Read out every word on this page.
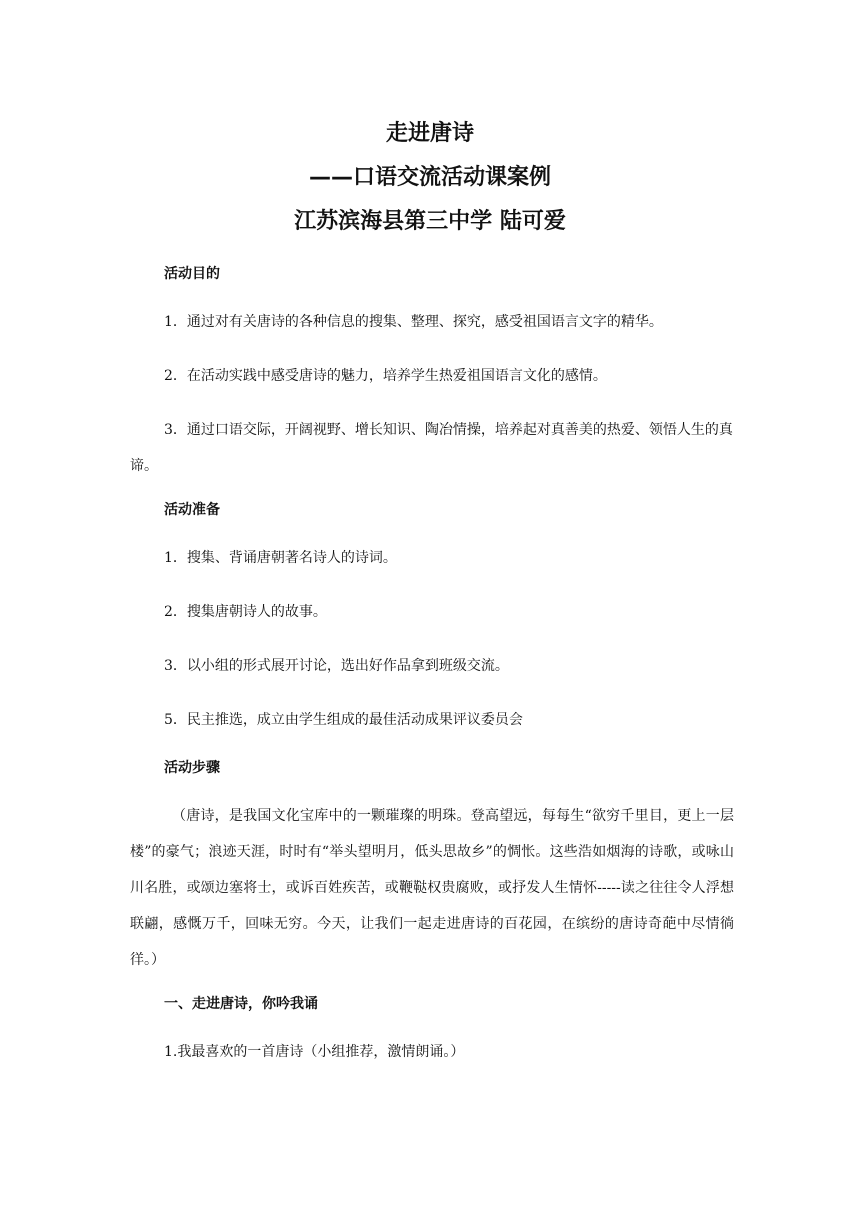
走进唐诗
——口语交流活动课案例
江苏滨海县第三中学 陆可爱

活动目的

1．通过对有关唐诗的各种信息的搜集、整理、探究，感受祖国语言文字的精华。

2．在活动实践中感受唐诗的魅力，培养学生热爱祖国语言文化的感情。

3．通过口语交际，开阔视野、增长知识、陶冶情操，培养起对真善美的热爱、领悟人生的真谛。

活动准备

1．搜集、背诵唐朝著名诗人的诗词。

2．搜集唐朝诗人的故事。

3．以小组的形式展开讨论，选出好作品拿到班级交流。

5．民主推选，成立由学生组成的最佳活动成果评议委员会

活动步骤

（唐诗，是我国文化宝库中的一颗璀璨的明珠。登高望远，每每生“欲穷千里目，更上一层楼”的豪气；浪迹天涯，时时有“举头望明月，低头思故乡”的惆怅。这些浩如烟海的诗歌，或咏山川名胜，或颂边塞将士，或诉百姓疾苦，或鞭鞑权贵腐败，或抒发人生情怀-----读之往往令人浮想联翩，感慨万千，回味无穷。今天，让我们一起走进唐诗的百花园，在缤纷的唐诗奇葩中尽情徜徉。）

一、走进唐诗，你吟我诵

1.我最喜欢的一首唐诗（小组推荐，激情朗诵。）
